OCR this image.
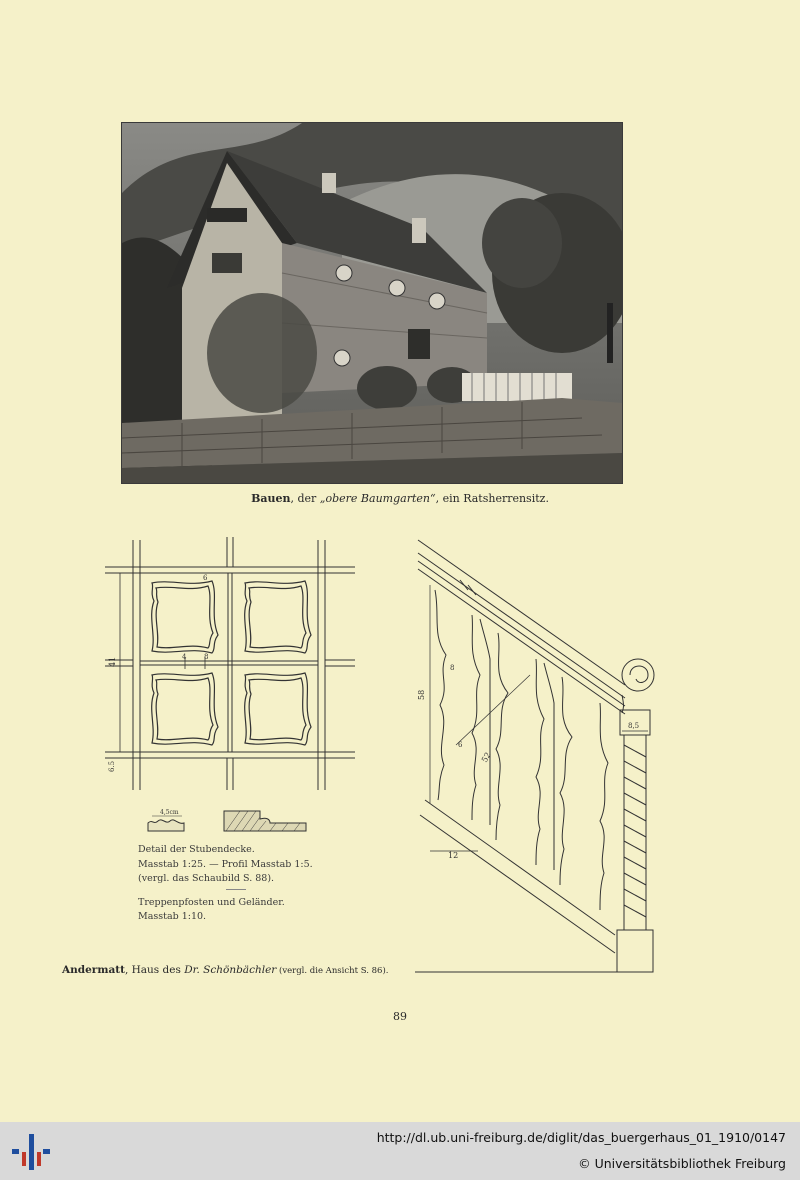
Bauen, der „obere Baumgarten“, ein Ratsherrensitz.
41
6
4	8
6.5
4,5cm
58
52
12
8
6
8,5
Detail der Stubendecke.
Masstab 1:25. — Profil Masstab 1:5.
(vergl. das Schaubild S. 88).
Treppenpfosten und Geländer.
Masstab 1:10.
Andermatt, Haus des Dr. Schönbächler (vergl. die Ansicht S. 86).
89
http://dl.ub.uni-freiburg.de/diglit/das_buergerhaus_01_1910/0147
© Universitätsbibliothek Freiburg
